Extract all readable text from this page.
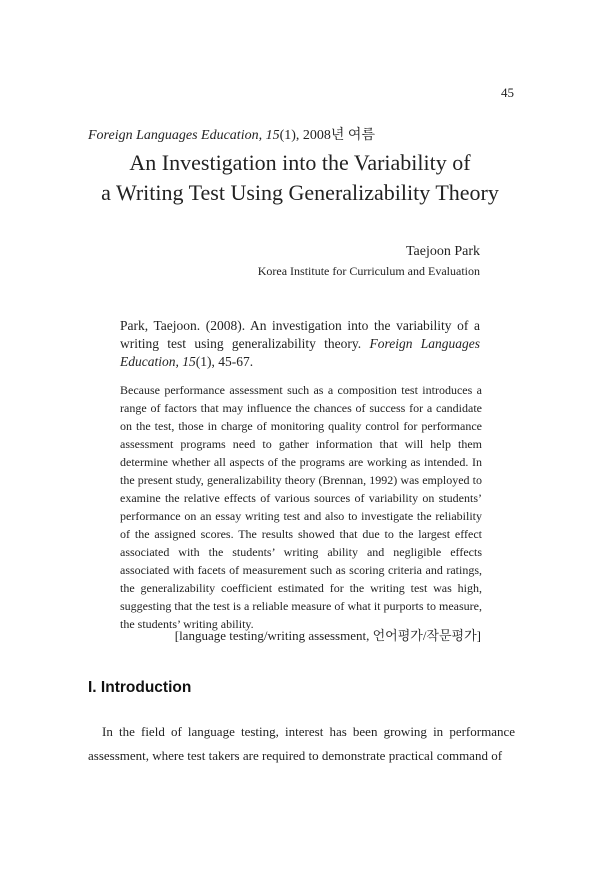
45
Foreign Languages Education, 15(1), 2008년 여름
An Investigation into the Variability of
a Writing Test Using Generalizability Theory
Taejoon Park
Korea Institute for Curriculum and Evaluation
Park, Taejoon. (2008). An investigation into the variability of a writing test using generalizability theory. Foreign Languages Education, 15(1), 45-67.
Because performance assessment such as a composition test introduces a range of factors that may influence the chances of success for a candidate on the test, those in charge of monitoring quality control for performance assessment programs need to gather information that will help them determine whether all aspects of the programs are working as intended. In the present study, generalizability theory (Brennan, 1992) was employed to examine the relative effects of various sources of variability on students’ performance on an essay writing test and also to investigate the reliability of the assigned scores. The results showed that due to the largest effect associated with the students’ writing ability and negligible effects associated with facets of measurement such as scoring criteria and ratings, the generalizability coefficient estimated for the writing test was high, suggesting that the test is a reliable measure of what it purports to measure, the students’ writing ability.
[language testing/writing assessment, 언어평가/작문평가]
I. Introduction
In the field of language testing, interest has been growing in performance assessment, where test takers are required to demonstrate practical command of
